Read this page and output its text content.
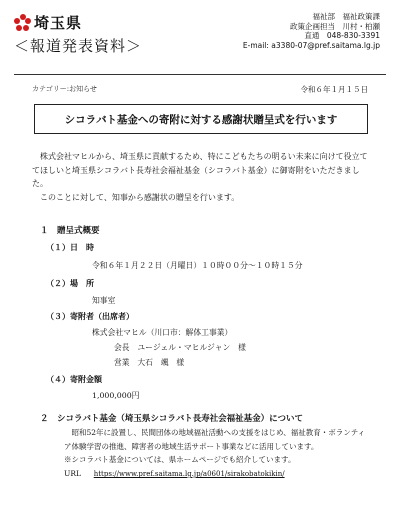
埼玉県
＜報道発表資料＞
福祉部　福祉政策課
政策企画担当　川村・柏瀬
直通　048-830-3391
E-mail: a3380-07@pref.saitama.lg.jp
カテゴリー:お知らせ	令和６年１月１５日
シコラバト基金への寄附に対する感謝状贈呈式を行います

株式会社マヒルから、埼玉県に貢献するため、特にこどもたちの明るい未来に向けて役立ててほしいと埼玉県シコラバト長寿社会福祉基金（シコラバト基金）に御寄附をいただきました。

このことに対して、知事から感謝状の贈呈を行います。

１　贈呈式概要
（１）日　時
令和６年１月２２日（月曜日）１０時００分～１０時１５分
（２）場　所
知事室
（３）寄附者（出席者）
株式会社マヒル（川口市：解体工事業）
会長　ユージェル・マヒルジャン　様
営業　大石　颯　様
（４）寄附金額
1,000,000円
２　シコラバト基金（埼玉県シコラバト長寿社会福祉基金）について
昭和52年に設置し、民間団体の地域福祉活動への支援をはじめ、福祉教育・ボランティア体験学習の推進、障害者の地域生活サポート事業などに活用しています。
※シコラバト基金については、県ホームページでも紹介しています。
URL https://www.pref.saitama.lg.jp/a0601/sirakobatokikin/
